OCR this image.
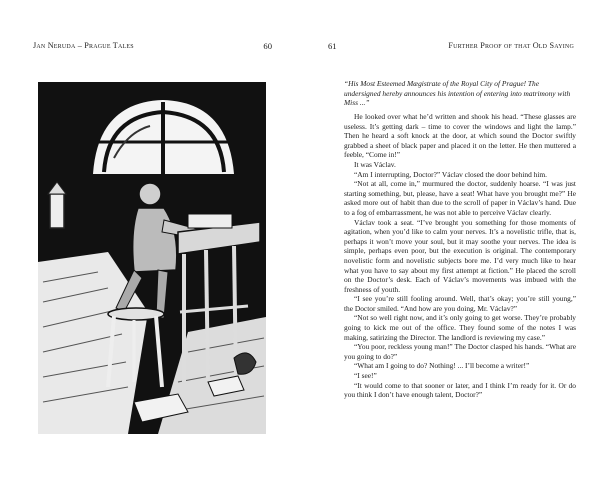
Jan Neruda – Prague Tales	60	61	Further Proof of that Old Saying
“His Most Esteemed Mægistrate of the Royal City of Prague! The undersigned hereby announces his intention of entering into matrimony with Miss ...”

He looked over what he’d written and shook his head. “These glasses are useless. It’s getting dark – time to cover the windows and light the lamp.” Then he heard a soft knock at the door, at which sound the Doctor swiftly grabbed a sheet of black paper and placed it on the letter. He then muttered a feeble, “Come in!”

It was Václav.

“Am I interrupting, Doctor?” Václav closed the door behind him.

“Not at all, come in,” murmured the doctor, suddenly hoarse. “I was just starting something, but, please, have a seat! What have you brought me?” He asked more out of habit than due to the scroll of paper in Václav’s hand. Due to a fog of embarrassment, he was not able to perceive Václav clearly.

Václav took a seat. “I’ve brought you something for those moments of agitation, when you’d like to calm your nerves. It’s a novelistic trifle, that is, perhaps it won’t move your soul, but it may soothe your nerves. The idea is simple, perhaps even poor, but the execution is original. The contemporary novelistic form and novelistic subjects bore me. I’d very much like to hear what you have to say about my first attempt at fiction.” He placed the scroll on the Doctor’s desk. Each of Václav’s movements was imbued with the freshness of youth.

“I see you’re still fooling around. Well, that’s okay; you’re still young,” the Doctor smiled. “And how are you doing, Mr. Václav?”

“Not so well right now, and it’s only going to get worse. They’re probably going to kick me out of the office. They found some of the notes I was making, satirizing the Director. The landlord is reviewing my case.”

“You poor, reckless young man!” The Doctor clasped his hands. “What are you going to do?”

“What am I going to do? Nothing! ... I’ll become a writer!”

“I see!”

“It would come to that sooner or later, and I think I’m ready for it. Or do you think I don’t have enough talent, Doctor?”
